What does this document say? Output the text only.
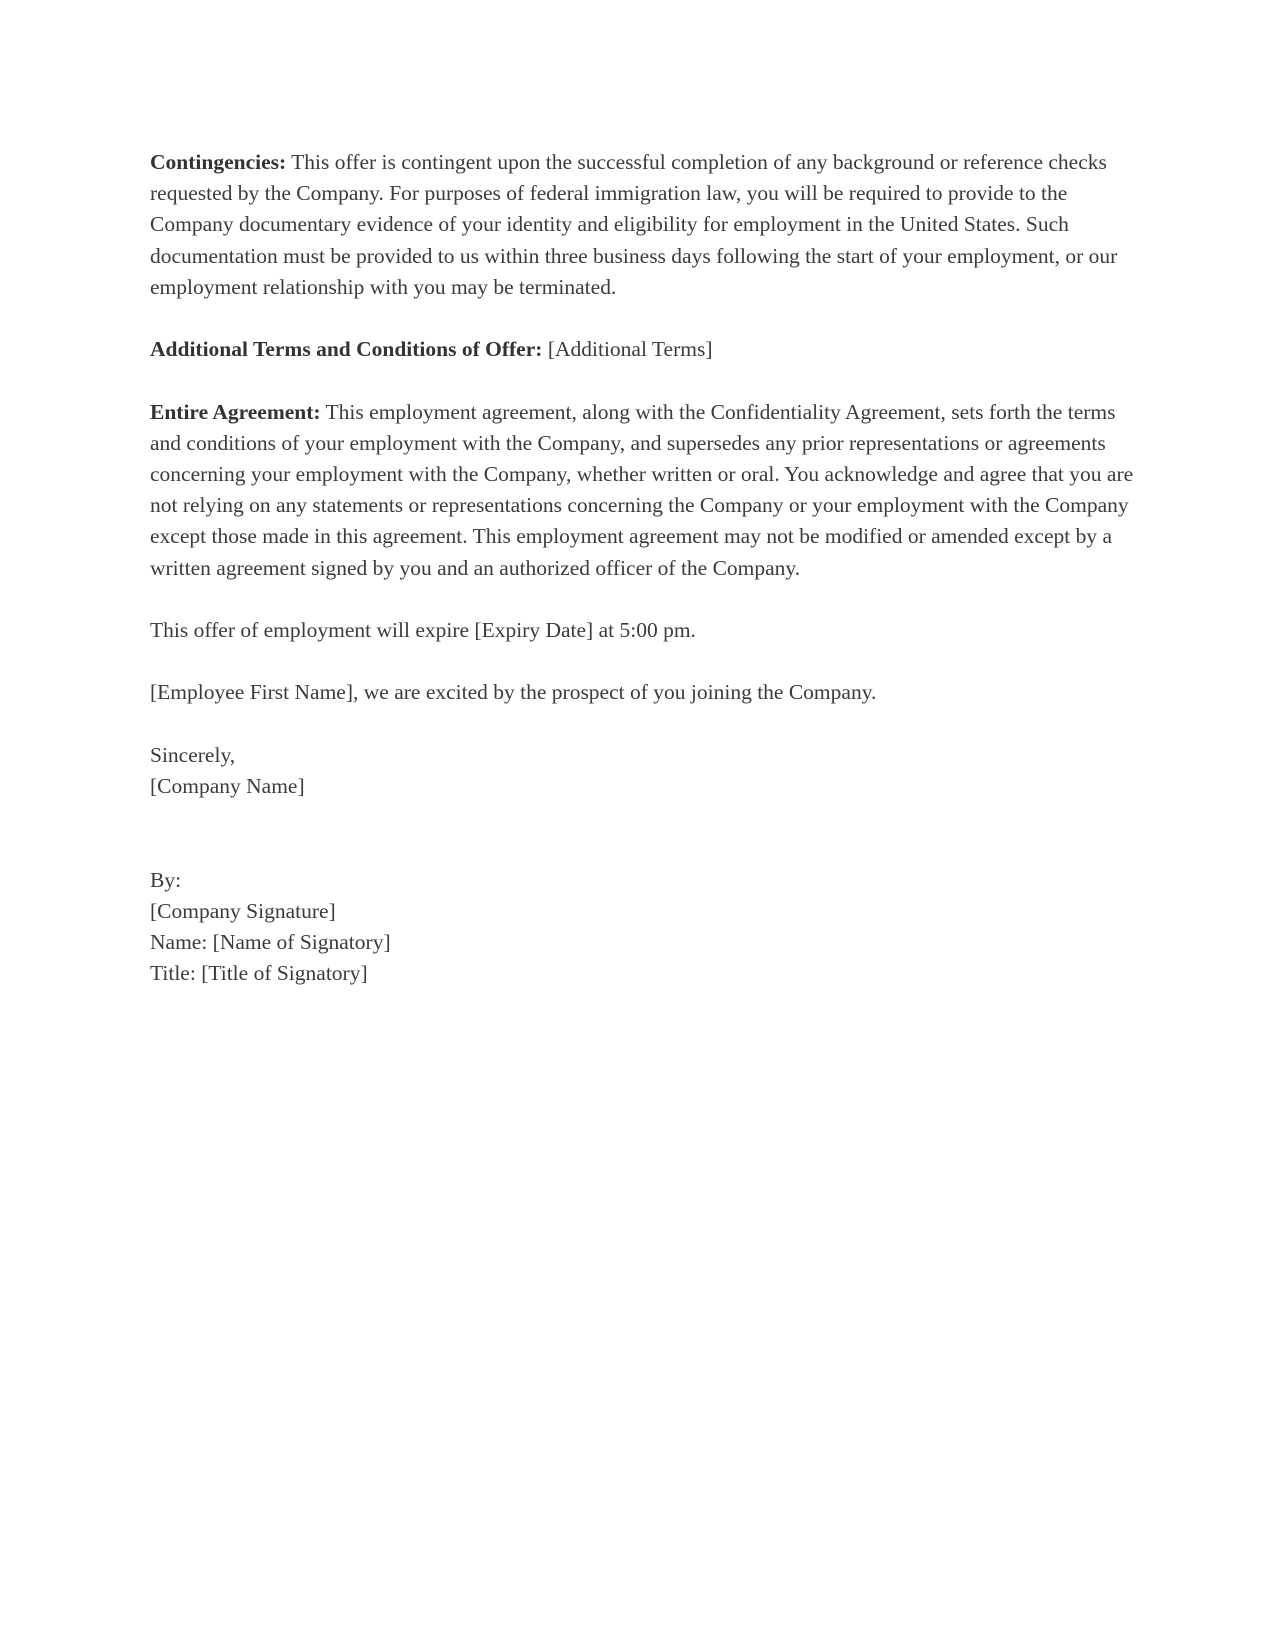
Contingencies: This offer is contingent upon the successful completion of any background or reference checks requested by the Company. For purposes of federal immigration law, you will be required to provide to the Company documentary evidence of your identity and eligibility for employment in the United States. Such documentation must be provided to us within three business days following the start of your employment, or our employment relationship with you may be terminated.

Additional Terms and Conditions of Offer: [Additional Terms]

Entire Agreement: This employment agreement, along with the Confidentiality Agreement, sets forth the terms and conditions of your employment with the Company, and supersedes any prior representations or agreements concerning your employment with the Company, whether written or oral. You acknowledge and agree that you are not relying on any statements or representations concerning the Company or your employment with the Company except those made in this agreement. This employment agreement may not be modified or amended except by a written agreement signed by you and an authorized officer of the Company.

This offer of employment will expire [Expiry Date] at 5:00 pm.

[Employee First Name], we are excited by the prospect of you joining the Company.

Sincerely,
[Company Name]

By:
[Company Signature]
Name: [Name of Signatory]
Title: [Title of Signatory]
